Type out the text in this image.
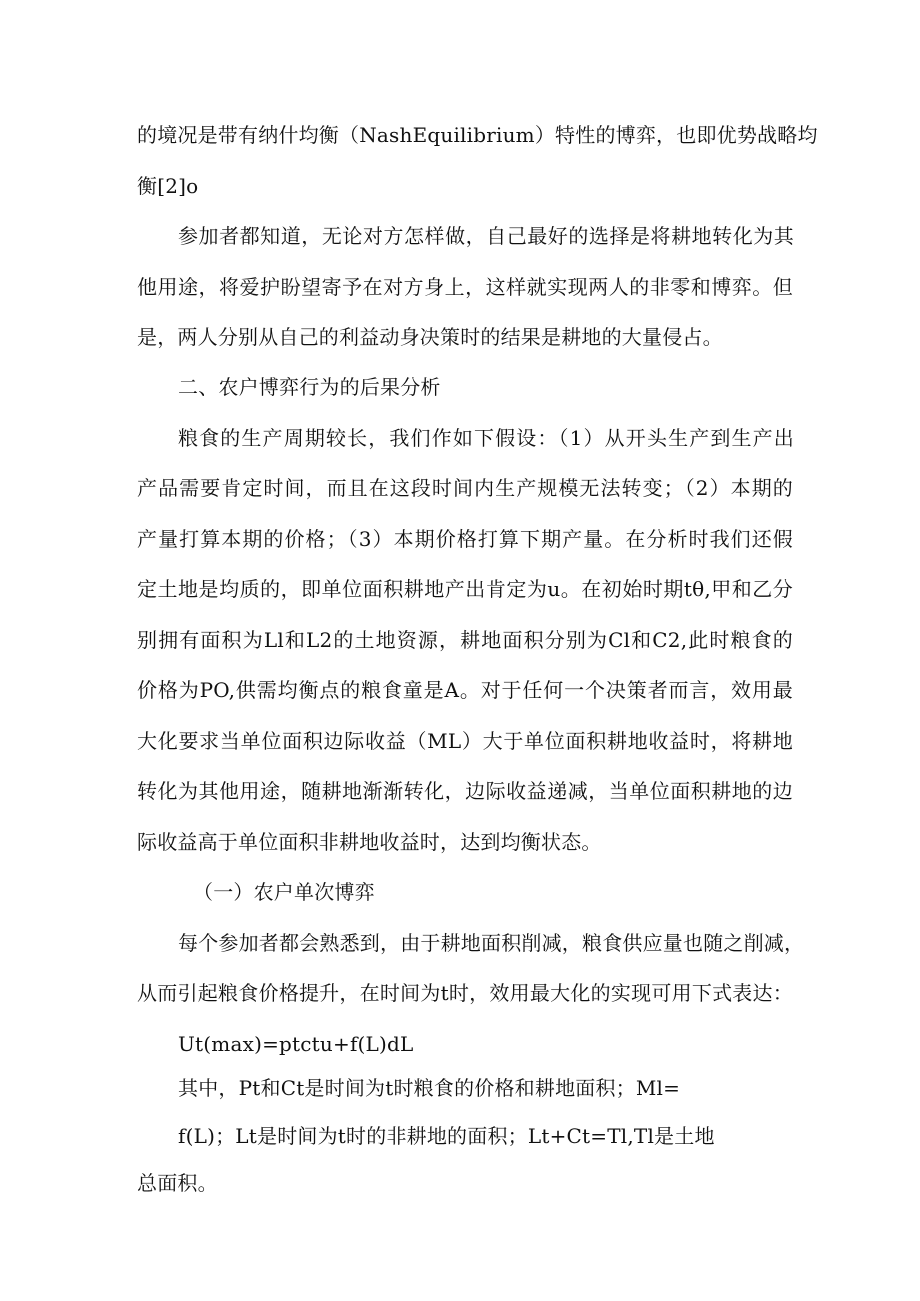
的境况是带有纳什均衡（NashEquilibrium）特性的博弈，也即优势战略均
衡[2]o
参加者都知道，无论对方怎样做，自己最好的选择是将耕地转化为其
他用途，将爱护盼望寄予在对方身上，这样就实现两人的非零和博弈。但
是，两人分别从自己的利益动身决策时的结果是耕地的大量侵占。
二、农户博弈行为的后果分析
粮食的生产周期较长，我们作如下假设：（1）从开头生产到生产出
产品需要肯定时间，而且在这段时间内生产规模无法转变；（2）本期的
产量打算本期的价格；（3）本期价格打算下期产量。在分析时我们还假
定土地是均质的，即单位面积耕地产出肯定为u。在初始时期tθ,甲和乙分
别拥有面积为Ll和L2的土地资源，耕地面积分别为Cl和C2,此时粮食的
价格为PO,供需均衡点的粮食童是A。对于任何一个决策者而言，效用最
大化要求当单位面积边际收益（ML）大于单位面积耕地收益时，将耕地
转化为其他用途，随耕地渐渐转化，边际收益递减，当单位面积耕地的边
际收益高于单位面积非耕地收益时，达到均衡状态。
（一）农户单次博弈
每个参加者都会熟悉到，由于耕地面积削减，粮食供应量也随之削减，
从而引起粮食价格提升，在时间为t时，效用最大化的实现可用下式表达：
Ut(max)=ptctu+f(L)dL
其中，Pt和Ct是时间为t时粮食的价格和耕地面积；Ml=
f(L)；Lt是时间为t时的非耕地的面积；Lt+Ct=Tl,Tl是土地
总面积。
